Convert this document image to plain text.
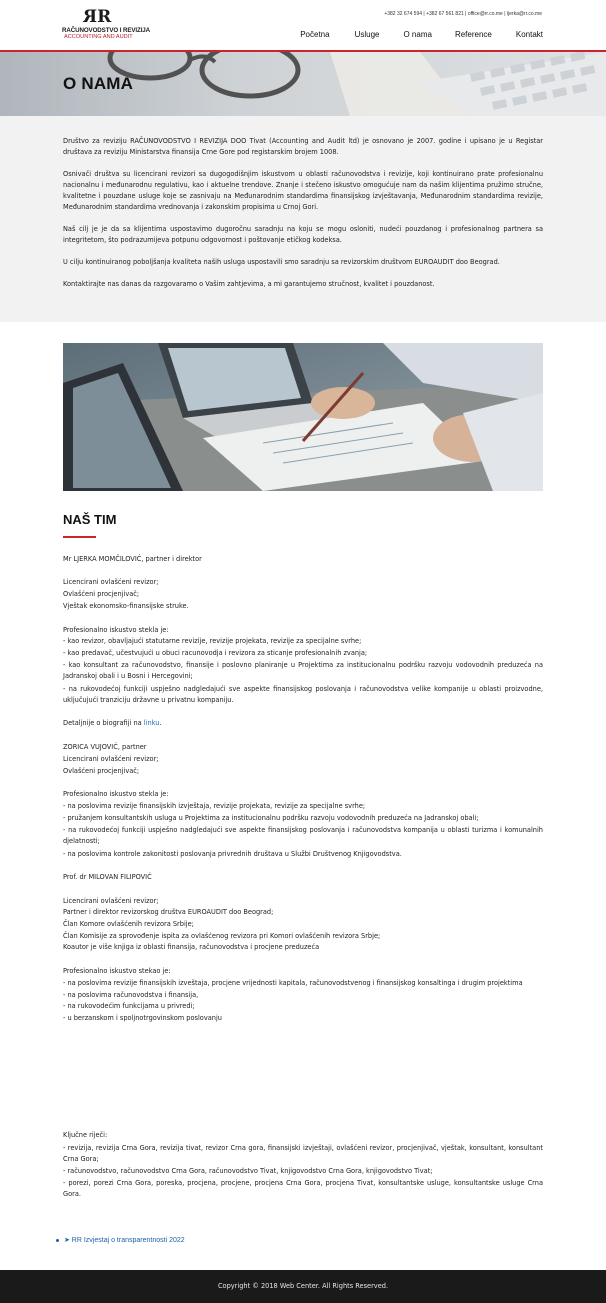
RR
RAČUNOVODSTVO I REVIZIJA
ACCOUNTING AND AUDIT
+382 32 674 594 | +382 67 561 821 | office@rr.co.me | ljerka@rr.co.me
Početna	Usluge	O nama	Reference	Kontakt
O NAMA

Društvo za reviziju RAČUNOVODSTVO I REVIZIJA DOO Tivat (Accounting and Audit ltd) je osnovano je 2007. godine i upisano je u Registar društava za reviziju Ministarstva finansija Crne Gore pod registarskim brojem 1008.

Osnivači društva su licencirani revizori sa dugogodišnjim iskustvom u oblasti računovodstva i revizije, koji kontinuirano prate profesionalnu nacionalnu i međunarodnu regulativu, kao i aktuelne trendove. Znanje i stečeno iskustvo omogućuje nam da našim klijentima pružimo stručne, kvalitetne i pouzdane usluge koje se zasnivaju na Međunarodnim standardima finansijskog izvještavanja, Međunarodnim standardima revizije, Međunarodnim standardima vrednovanja i zakonskim propisima u Crnoj Gori.

Naš cilj je je da sa klijentima uspostavimo dugoročnu saradnju na koju se mogu osloniti, nudeći pouzdanog i profesionalnog partnera sa integritetom, što podrazumijeva potpunu odgovornost i poštovanje etičkog kodeksa.

U cilju kontinuiranog poboljšanja kvaliteta naših usluga uspostavili smo saradnju sa revizorskim društvom EUROAUDIT doo Beograd.

Kontaktirajte nas danas da razgovaramo o Vašim zahtjevima, a mi garantujemo stručnost, kvalitet i pouzdanost.

NAŠ TIM
Mr LJERKA MOMČILOVIĆ, partner i direktor
Licencirani ovlašćeni revizor;
Ovlašćeni procjenjivač;
Vještak ekonomsko-finansijske struke.
Profesionalno iskustvo stekla je:
- kao revizor, obavljajući statutarne revizije, revizije projekata, revizije za specijalne svrhe;
- kao predavač, učestvujući u obuci racunovodja i revizora za sticanje profesionalnih zvanja;
- kao konsultant za računovodstvo, finansije i poslovno planiranje u Projektima za institucionalnu podršku razvoju vodovodnih preduzeća na Jadranskoj obali i u Bosni i Hercegovini;
- na rukovodećoj funkciji uspješno nadgledajući sve aspekte finansijskog poslovanja i računovodstva velike kompanije u oblasti proizvodne, uključujući tranziciju državne u privatnu kompaniju.
Detaljnije o biografiji na linku.
ZORICA VUJOVIĆ, partner
Licencirani ovlašćeni revizor;
Ovlašćeni procjenjivač;
Profesionalno iskustvo stekla je:
- na poslovima revizije finansijskih izvještaja, revizije projekata, revizije za specijalne svrhe;
- pružanjem konsultantskih usluga u Projektima za institucionalnu podršku razvoju vodovodnih preduzeća na Jadranskoj obali;
- na rukovodećoj funkciji uspješno nadgledajući sve aspekte finansijskog poslovanja i računovodstva kompanija u oblasti turizma i komunalnih djelatnosti;
- na poslovima kontrole zakonitosti poslovanja privrednih društava u Službi Društvenog Knjigovodstva.
Prof. dr MILOVAN FILIPOVIĆ
Licencirani ovlašćeni revizor;
Partner i direktor revizorskog društva EUROAUDIT doo Beograd;
Član Komore ovlašćenih revizora Srbije;
Član Komisije za sprovođenje ispita za ovlašćenog revizora pri Komori ovlašćenih revizora Srbje;
Koautor je više knjiga iz oblasti finansija, računovodstva i procjene preduzeća
Profesionalno iskustvo stekao je:
- na poslovima revizije finansijskih izveštaja, procjene vrijednosti kapitala, računovodstvenog i finansijskog konsaltinga i drugim projektima
- na poslovima računovodstva i finansija,
- na rukovodećim funkcijama u privredi;
- u berzanskom i spoljnotrgovinskom poslovanju
Ključne riječi:
- revizija, revizija Crna Gora, revizija tivat, revizor Crna gora, finansijski izvještaji, ovlašćeni revizor, procjenjivač, vještak, konsultant, konsultant Crna Gora;
- računovodstvo, računovodstvo Crna Gora, računovodstvo Tivat, knjigovodstvo Crna Gora, knjigovodstvo Tivat;
- porezi, porezi Crna Gora, poreska, procjena, procjene, procjena Crna Gora, procjena Tivat, konsultantske usluge, konsultantske usluge Crna Gora.
➤ RR Izvjestaj o transparentnosti 2022
Copyright © 2018 Web Center. All Rights Reserved.
